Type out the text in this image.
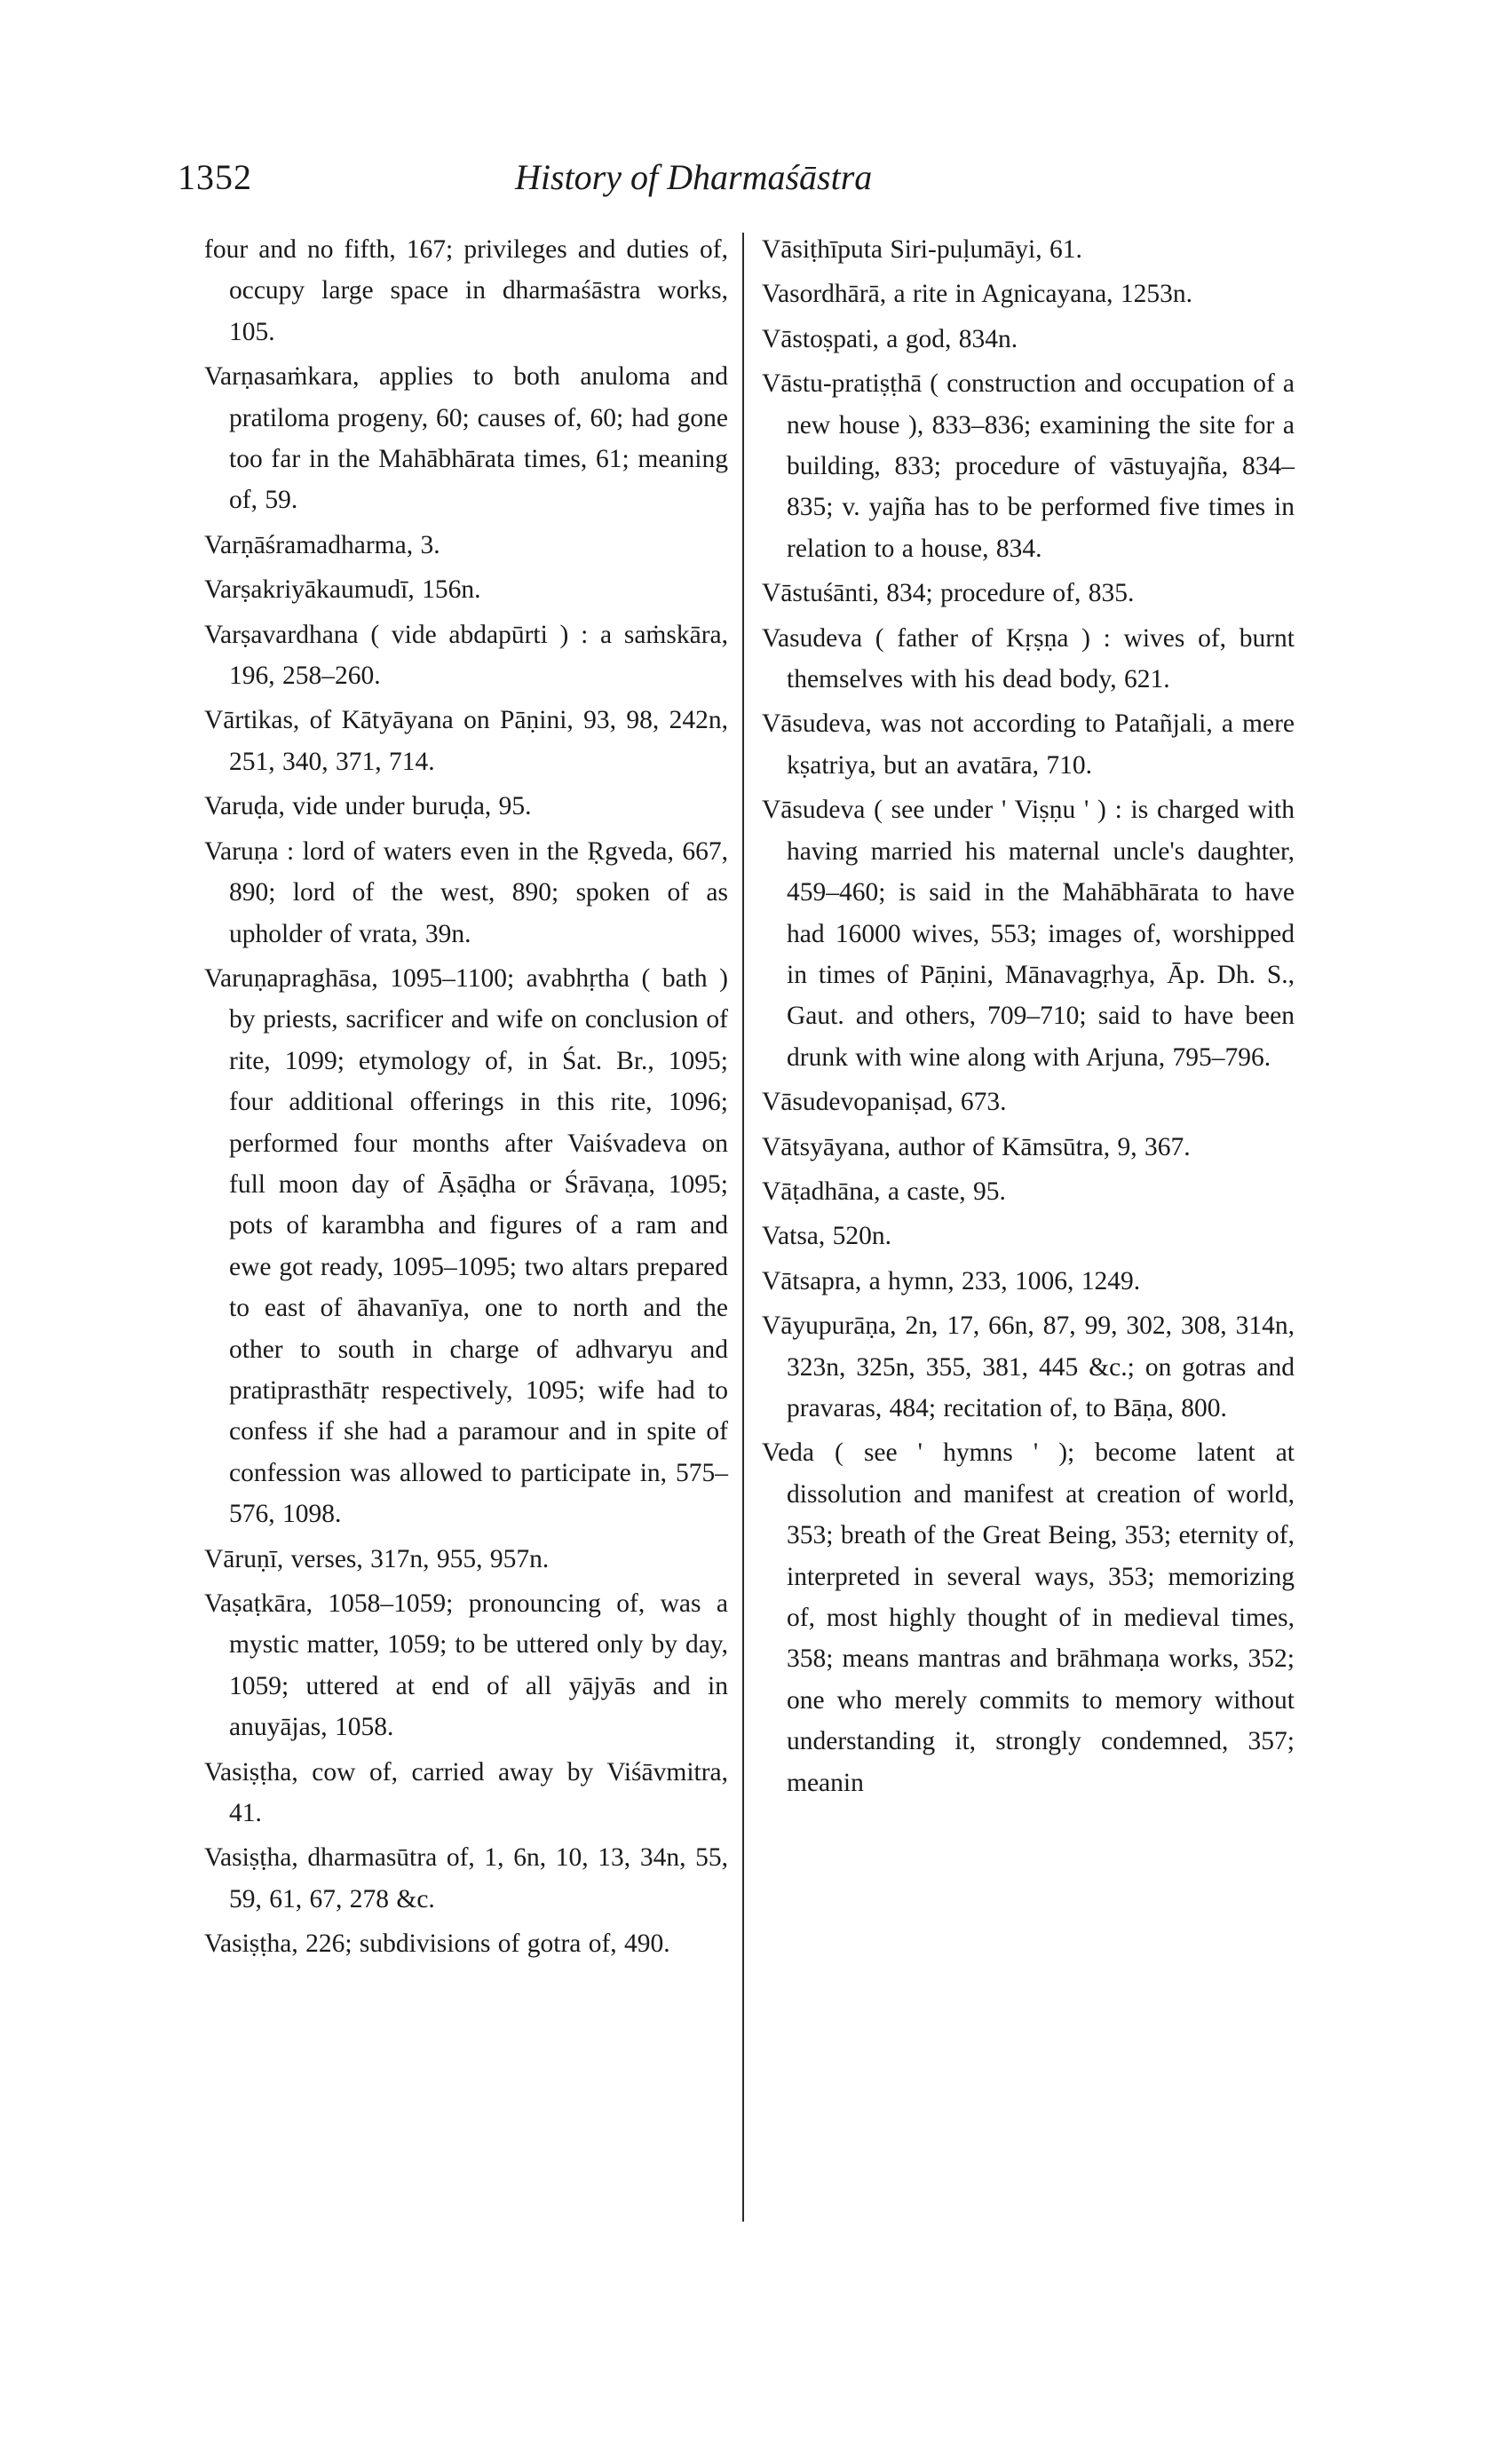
1352	History of Dharmaśāstra

four and no fifth, 167; privileges and duties of, occupy large space in dharmaśāstra works, 105.

Varṇasaṁkara, applies to both anuloma and pratiloma progeny, 60; causes of, 60; had gone too far in the Mahābhārata times, 61; meaning of, 59.

Varṇāśramadharma, 3.

Varṣakriyākaumudī, 156n.

Varṣavardhana ( vide abdapūrti ) : a saṁskāra, 196, 258–260.

Vārtikas, of Kātyāyana on Pāṇini, 93, 98, 242n, 251, 340, 371, 714.

Varuḍa, vide under buruḍa, 95.

Varuṇa : lord of waters even in the Ṛgveda, 667, 890; lord of the west, 890; spoken of as upholder of vrata, 39n.

Varuṇapraghāsa, 1095–1100; avabhṛtha ( bath ) by priests, sacrificer and wife on conclusion of rite, 1099; etymology of, in Śat. Br., 1095; four additional offerings in this rite, 1096; performed four months after Vaiśvadeva on full moon day of Āṣāḍha or Śrāvaṇa, 1095; pots of karambha and figures of a ram and ewe got ready, 1095–1095; two altars prepared to east of āhavanīya, one to north and the other to south in charge of adhvaryu and pratiprasthātṛ respectively, 1095; wife had to confess if she had a paramour and in spite of confession was allowed to participate in, 575–576, 1098.

Vāruṇī, verses, 317n, 955, 957n.

Vaṣaṭkāra, 1058–1059; pronouncing of, was a mystic matter, 1059; to be uttered only by day, 1059; uttered at end of all yājyās and in anuyājas, 1058.

Vasiṣṭha, cow of, carried away by Viśāvmitra, 41.

Vasiṣṭha, dharmasūtra of, 1, 6n, 10, 13, 34n, 55, 59, 61, 67, 278 &c.

Vasiṣṭha, 226; subdivisions of gotra of, 490.

Vāsiṭhīputa Siri-puḷumāyi, 61.

Vasordhārā, a rite in Agnicayana, 1253n.

Vāstoṣpati, a god, 834n.

Vāstu-pratiṣṭhā ( construction and occupation of a new house ), 833–836; examining the site for a building, 833; procedure of vāstuyajña, 834–835; v. yajña has to be performed five times in relation to a house, 834.

Vāstuśānti, 834; procedure of, 835.

Vasudeva ( father of Kṛṣṇa ) : wives of, burnt themselves with his dead body, 621.

Vāsudeva, was not according to Patañjali, a mere kṣatriya, but an avatāra, 710.

Vāsudeva ( see under ' Viṣṇu ' ) : is charged with having married his maternal uncle's daughter, 459–460; is said in the Mahābhārata to have had 16000 wives, 553; images of, worshipped in times of Pāṇini, Mānavagṛhya, Āp. Dh. S., Gaut. and others, 709–710; said to have been drunk with wine along with Arjuna, 795–796.

Vāsudevopaniṣad, 673.

Vātsyāyana, author of Kāmsūtra, 9, 367.

Vāṭadhāna, a caste, 95.

Vatsa, 520n.

Vātsapra, a hymn, 233, 1006, 1249.

Vāyupurāṇa, 2n, 17, 66n, 87, 99, 302, 308, 314n, 323n, 325n, 355, 381, 445 &c.; on gotras and pravaras, 484; recitation of, to Bāṇa, 800.

Veda ( see ' hymns ' ); become latent at dissolution and manifest at creation of world, 353; breath of the Great Being, 353; eternity of, interpreted in several ways, 353; memorizing of, most highly thought of in medieval times, 358; means mantras and brāhmaṇa works, 352; one who merely commits to memory without understanding it, strongly condemned, 357; meanin
